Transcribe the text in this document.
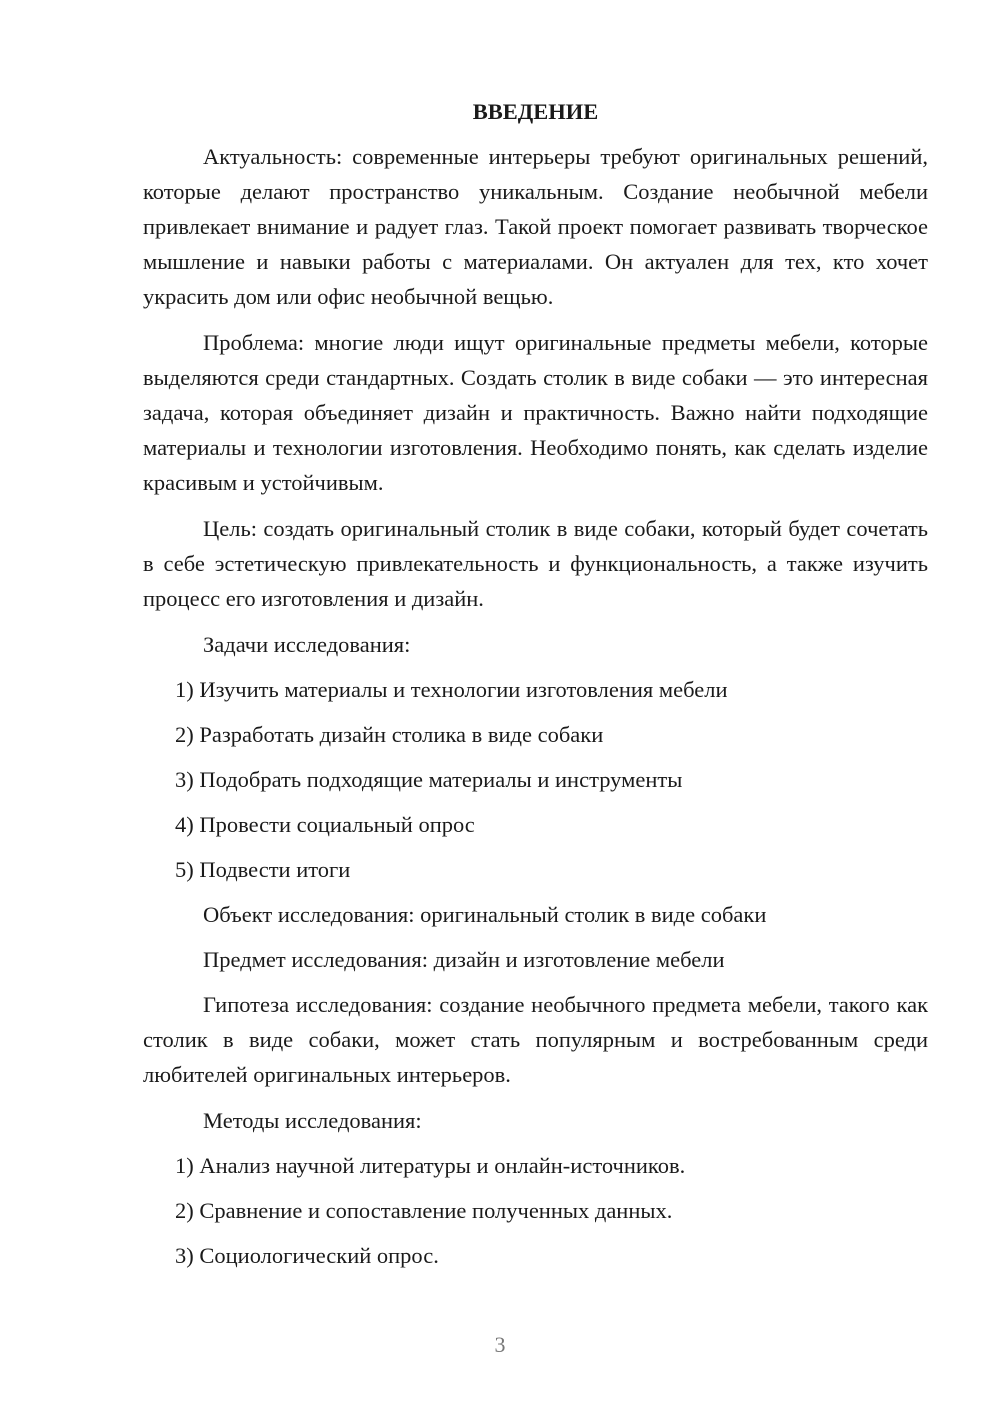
ВВЕДЕНИЕ

Актуальность: современные интерьеры требуют оригинальных решений, которые делают пространство уникальным. Создание необычной мебели привлекает внимание и радует глаз. Такой проект помогает развивать творческое мышление и навыки работы с материалами. Он актуален для тех, кто хочет украсить дом или офис необычной вещью.

Проблема: многие люди ищут оригинальные предметы мебели, которые выделяются среди стандартных. Создать столик в виде собаки — это интересная задача, которая объединяет дизайн и практичность. Важно найти подходящие материалы и технологии изготовления. Необходимо понять, как сделать изделие красивым и устойчивым.

Цель: создать оригинальный столик в виде собаки, который будет сочетать в себе эстетическую привлекательность и функциональность, а также изучить процесс его изготовления и дизайн.

Задачи исследования:
1) Изучить материалы и технологии изготовления мебели
2) Разработать дизайн столика в виде собаки
3) Подобрать подходящие материалы и инструменты
4) Провести социальный опрос
5) Подвести итоги
Объект исследования: оригинальный столик в виде собаки
Предмет исследования: дизайн и изготовление мебели

Гипотеза исследования: создание необычного предмета мебели, такого как столик в виде собаки, может стать популярным и востребованным среди любителей оригинальных интерьеров.

Методы исследования:
1) Анализ научной литературы и онлайн-источников.
2) Сравнение и сопоставление полученных данных.
3) Социологический опрос.
3
